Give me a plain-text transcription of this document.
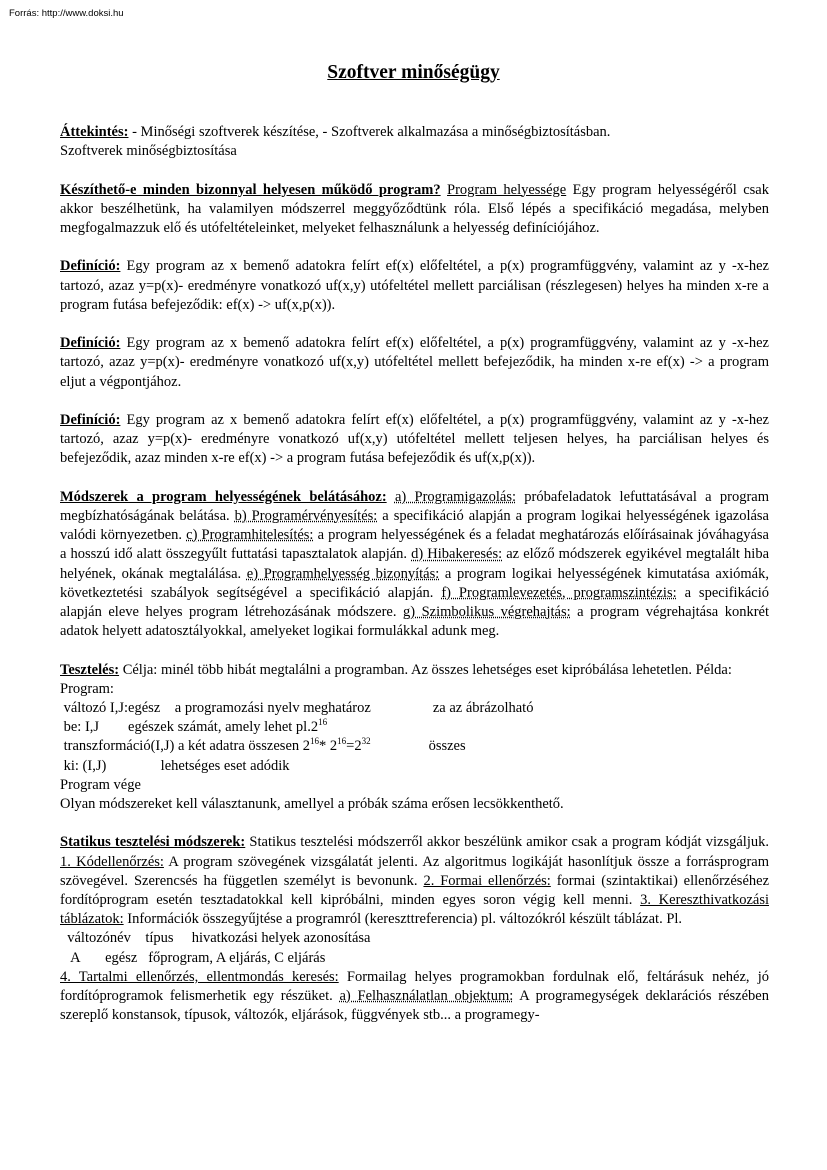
Forrás: http://www.doksi.hu
Szoftver minőségügy

Áttekintés: - Minőségi szoftverek készítése, - Szoftverek alkalmazása a minőségbiztosításban.
Szoftverek minőségbiztosítása

Készíthető-e minden bizonnyal helyesen működő program? Program helyessége Egy program helyességéről csak akkor beszélhetünk, ha valamilyen módszerrel meggyőződtünk róla. Első lépés a specifikáció megadása, melyben megfogalmazzuk elő és utófeltételeinket, melyeket felhasználunk a helyesség definíciójához.

Definíció: Egy program az x bemenő adatokra felírt ef(x) előfeltétel, a p(x) programfüggvény, valamint az y -x-hez tartozó, azaz y=p(x)- eredményre vonatkozó uf(x,y) utófeltétel mellett parciálisan (részlegesen) helyes ha minden x-re a program futása befejeződik: ef(x) -> uf(x,p(x)).

Definíció: Egy program az x bemenő adatokra felírt ef(x) előfeltétel, a p(x) programfüggvény, valamint az y -x-hez tartozó, azaz y=p(x)- eredményre vonatkozó uf(x,y) utófeltétel mellett befejeződik, ha minden x-re ef(x) -> a program eljut a végpontjához.

Definíció: Egy program az x bemenő adatokra felírt ef(x) előfeltétel, a p(x) programfüggvény, valamint az y -x-hez tartozó, azaz y=p(x)- eredményre vonatkozó uf(x,y) utófeltétel mellett teljesen helyes, ha parciálisan helyes és befejeződik, azaz minden x-re ef(x) -> a program futása befejeződik és uf(x,p(x)).

Módszerek a program helyességének belátásához: a) Programigazolás: próbafeladatok lefuttatásával a program megbízhatóságának belátása. b) Programérvényesítés: a specifikáció alapján a program logikai helyességének igazolása valódi környezetben. c) Programhitelesítés: a program helyességének és a feladat meghatározás előírásainak jóváhagyása a hosszú idő alatt összegyűlt futtatási tapasztalatok alapján. d) Hibakeresés: az előző módszerek egyikével megtalált hiba helyének, okának megtalálása. e) Programhelyesség bizonyítás: a program logikai helyességének kimutatása axiómák, következtetési szabályok segítségével a specifikáció alapján. f) Programlevezetés, programszintézis: a specifikáció alapján eleve helyes program létrehozásának módszere. g) Szimbolikus végrehajtás: a program végrehajtása konkrét adatok helyett adatosztályokkal, amelyeket logikai formulákkal adunk meg.

Tesztelés: Célja: minél több hibát megtalálni a programban. Az összes lehetséges eset kipróbálása lehetetlen. Példa:

Program:
változó I,J:egész    a programozási nyelv meghatároz	za az ábrázolható
be: I,J        egészek számát, amely lehet $pl.2^{16}$
transzformáció(I,J) a két adatra összesen $2^{16}*$ $2^{16}=2^{32}$	összes
ki: (I,J)               lehetséges eset adódik
Program vége
Olyan módszereket kell választanunk, amellyel a próbák száma erősen lecsökkenthető.

Statikus tesztelési módszerek: Statikus tesztelési módszerről akkor beszélünk amikor csak a program kódját vizsgáljuk. 1. Kódellenőrzés: A program szövegének vizsgálatát jelenti. Az algoritmus logikáját hasonlítjuk össze a forrásprogram szövegével. Szerencsés ha független személyt is bevonunk. 2. Formai ellenőrzés: formai (szintaktikai) ellenőrzéséhez fordítóprogram esetén tesztadatokkal kell kipróbálni, minden egyes soron végig kell menni. 3. Kereszthivatkozási táblázatok: Információk összegyűjtése a programról (kereszttreferencia) pl. változókról készült táblázat. Pl.

változónév    típus     hivatkozási helyek azonosítása
A       egész   főprogram, A eljárás, C eljárás

4. Tartalmi ellenőrzés, ellentmondás keresés: Formailag helyes programokban fordulnak elő, feltárásuk nehéz, jó fordítóprogramok felismerhetik egy részüket. a) Felhasználatlan objektum: A programegységek deklarációs részében szereplő konstansok, típusok, változók, eljárások, függvények stb... a programegy-
